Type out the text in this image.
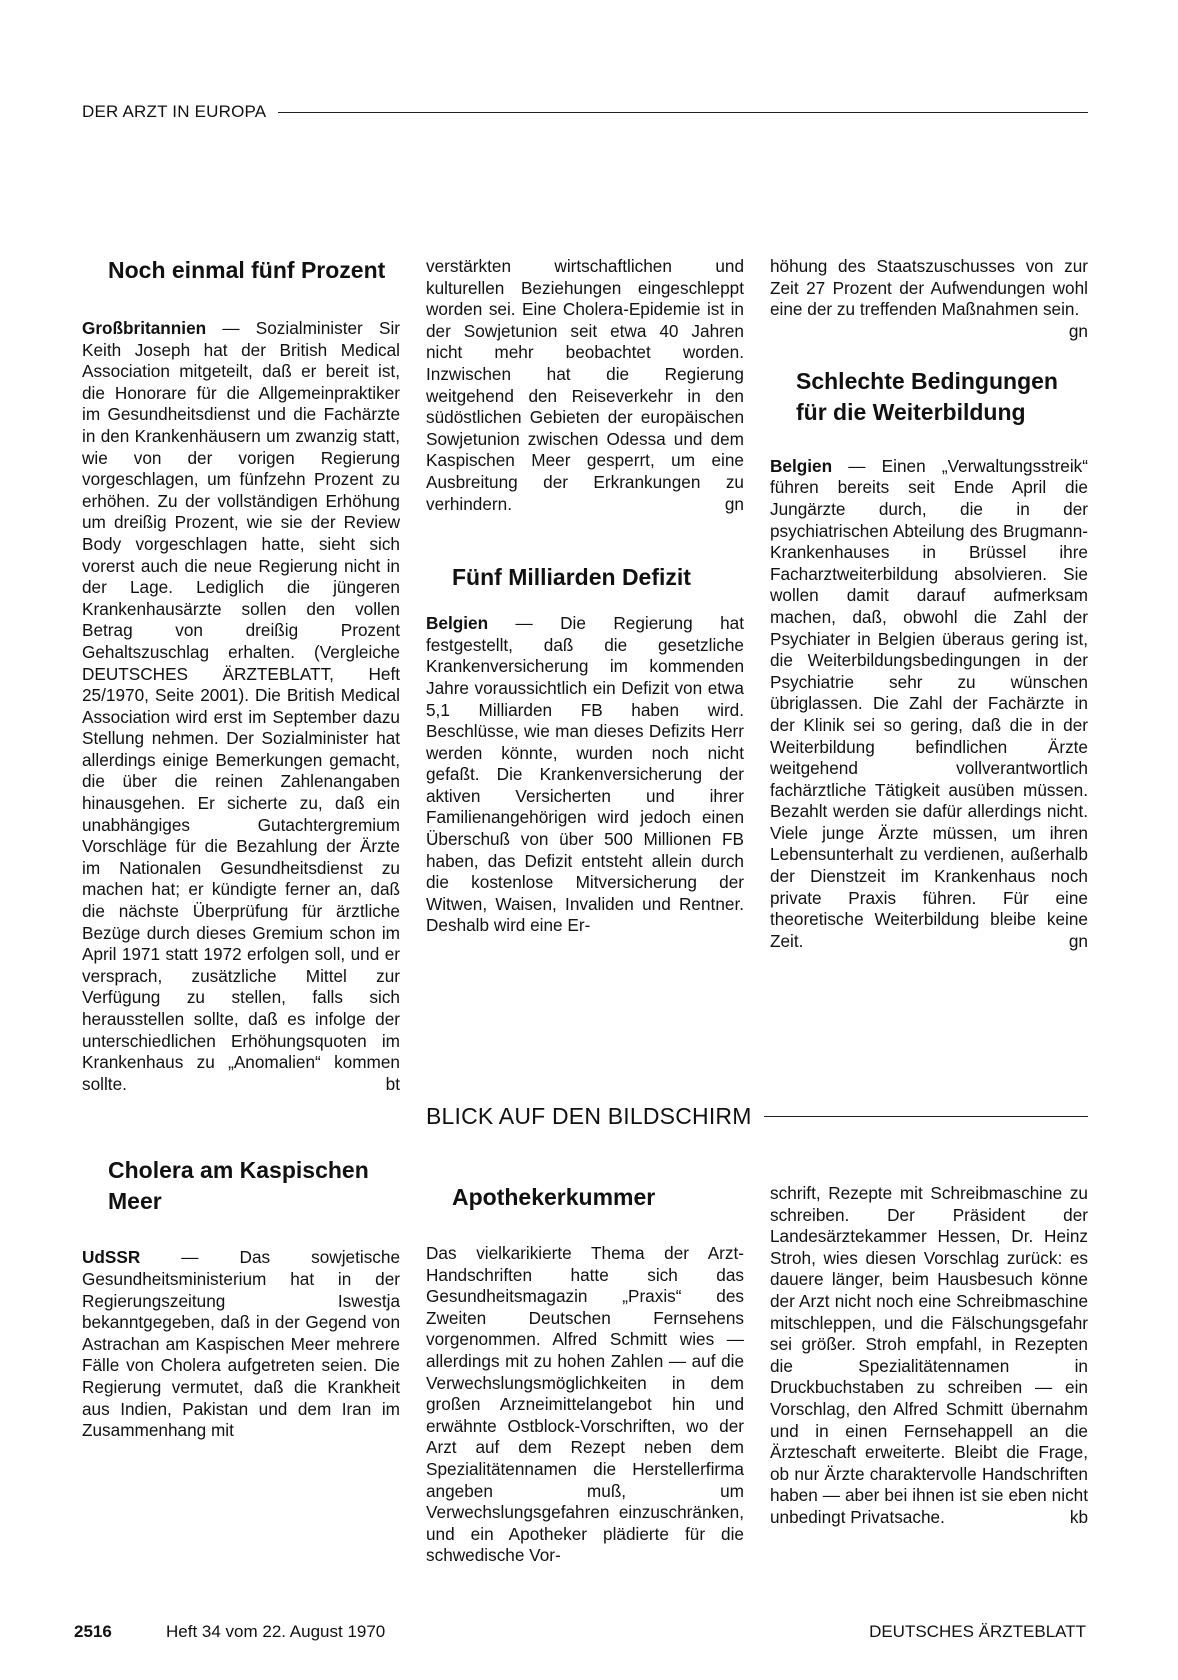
DER ARZT IN EUROPA
Noch einmal fünf Prozent

Großbritannien — Sozialminister Sir Keith Joseph hat der British Medical Association mitgeteilt, daß er bereit ist, die Honorare für die Allgemeinpraktiker im Gesundheitsdienst und die Fachärzte in den Krankenhäusern um zwanzig statt, wie von der vorigen Regierung vorgeschlagen, um fünfzehn Prozent zu erhöhen. Zu der vollständigen Erhöhung um dreißig Prozent, wie sie der Review Body vorgeschlagen hatte, sieht sich vorerst auch die neue Regierung nicht in der Lage. Lediglich die jüngeren Krankenhausärzte sollen den vollen Betrag von dreißig Prozent Gehaltszuschlag erhalten. (Vergleiche DEUTSCHES ÄRZTEBLATT, Heft 25/1970, Seite 2001). Die British Medical Association wird erst im September dazu Stellung nehmen. Der Sozialminister hat allerdings einige Bemerkungen gemacht, die über die reinen Zahlenangaben hinausgehen. Er sicherte zu, daß ein unabhängiges Gutachtergremium Vorschläge für die Bezahlung der Ärzte im Nationalen Gesundheitsdienst zu machen hat; er kündigte ferner an, daß die nächste Überprüfung für ärztliche Bezüge durch dieses Gremium schon im April 1971 statt 1972 erfolgen soll, und er versprach, zusätzliche Mittel zur Verfügung zu stellen, falls sich herausstellen sollte, daß es infolge der unterschiedlichen Erhöhungsquoten im Krankenhaus zu „Anomalien“ kommen sollte.	bt

Cholera am Kaspischen Meer

UdSSR — Das sowjetische Gesundheitsministerium hat in der Regierungszeitung Iswestja bekanntgegeben, daß in der Gegend von Astrachan am Kaspischen Meer mehrere Fälle von Cholera aufgetreten seien. Die Regierung vermutet, daß die Krankheit aus Indien, Pakistan und dem Iran im Zusammenhang mit

verstärkten wirtschaftlichen und kulturellen Beziehungen eingeschleppt worden sei. Eine Cholera-Epidemie ist in der Sowjetunion seit etwa 40 Jahren nicht mehr beobachtet worden. Inzwischen hat die Regierung weitgehend den Reiseverkehr in den südöstlichen Gebieten der europäischen Sowjetunion zwischen Odessa und dem Kaspischen Meer gesperrt, um eine Ausbreitung der Erkrankungen zu verhindern.	gn

Fünf Milliarden Defizit

Belgien — Die Regierung hat festgestellt, daß die gesetzliche Krankenversicherung im kommenden Jahre voraussichtlich ein Defizit von etwa 5,1 Milliarden FB haben wird. Beschlüsse, wie man dieses Defizits Herr werden könnte, wurden noch nicht gefaßt. Die Krankenversicherung der aktiven Versicherten und ihrer Familienangehörigen wird jedoch einen Überschuß von über 500 Millionen FB haben, das Defizit entsteht allein durch die kostenlose Mitversicherung der Witwen, Waisen, Invaliden und Rentner. Deshalb wird eine Er-

höhung des Staatszuschusses von zur Zeit 27 Prozent der Aufwendungen wohl eine der zu treffenden Maßnahmen sein.
gn

Schlechte Bedingungen für die Weiterbildung

Belgien — Einen „Verwaltungsstreik“ führen bereits seit Ende April die Jungärzte durch, die in der psychiatrischen Abteilung des Brugmann-Krankenhauses in Brüssel ihre Facharztweiterbildung absolvieren. Sie wollen damit darauf aufmerksam machen, daß, obwohl die Zahl der Psychiater in Belgien überaus gering ist, die Weiterbildungsbedingungen in der Psychiatrie sehr zu wünschen übriglassen. Die Zahl der Fachärzte in der Klinik sei so gering, daß die in der Weiterbildung befindlichen Ärzte weitgehend vollverantwortlich fachärztliche Tätigkeit ausüben müssen. Bezahlt werden sie dafür allerdings nicht. Viele junge Ärzte müssen, um ihren Lebensunterhalt zu verdienen, außerhalb der Dienstzeit im Krankenhaus noch private Praxis führen. Für eine theoretische Weiterbildung bleibe keine Zeit.	gn

BLICK AUF DEN BILDSCHIRM
Apothekerkummer

Das vielkarikierte Thema der Arzt-Handschriften hatte sich das Gesundheitsmagazin „Praxis“ des Zweiten Deutschen Fernsehens vorgenommen. Alfred Schmitt wies — allerdings mit zu hohen Zahlen — auf die Verwechslungsmöglichkeiten in dem großen Arzneimittelangebot hin und erwähnte Ostblock-Vorschriften, wo der Arzt auf dem Rezept neben dem Spezialitätennamen die Herstellerfirma angeben muß, um Verwechslungsgefahren einzuschränken, und ein Apotheker plädierte für die schwedische Vor-

schrift, Rezepte mit Schreibmaschine zu schreiben. Der Präsident der Landesärztekammer Hessen, Dr. Heinz Stroh, wies diesen Vorschlag zurück: es dauere länger, beim Hausbesuch könne der Arzt nicht noch eine Schreibmaschine mitschleppen, und die Fälschungsgefahr sei größer. Stroh empfahl, in Rezepten die Spezialitätennamen in Druckbuchstaben zu schreiben — ein Vorschlag, den Alfred Schmitt übernahm und in einen Fernsehappell an die Ärzteschaft erweiterte. Bleibt die Frage, ob nur Ärzte charaktervolle Handschriften haben — aber bei ihnen ist sie eben nicht unbedingt Privatsache.	kb

2516	Heft 34 vom 22. August 1970	DEUTSCHES ÄRZTEBLATT
